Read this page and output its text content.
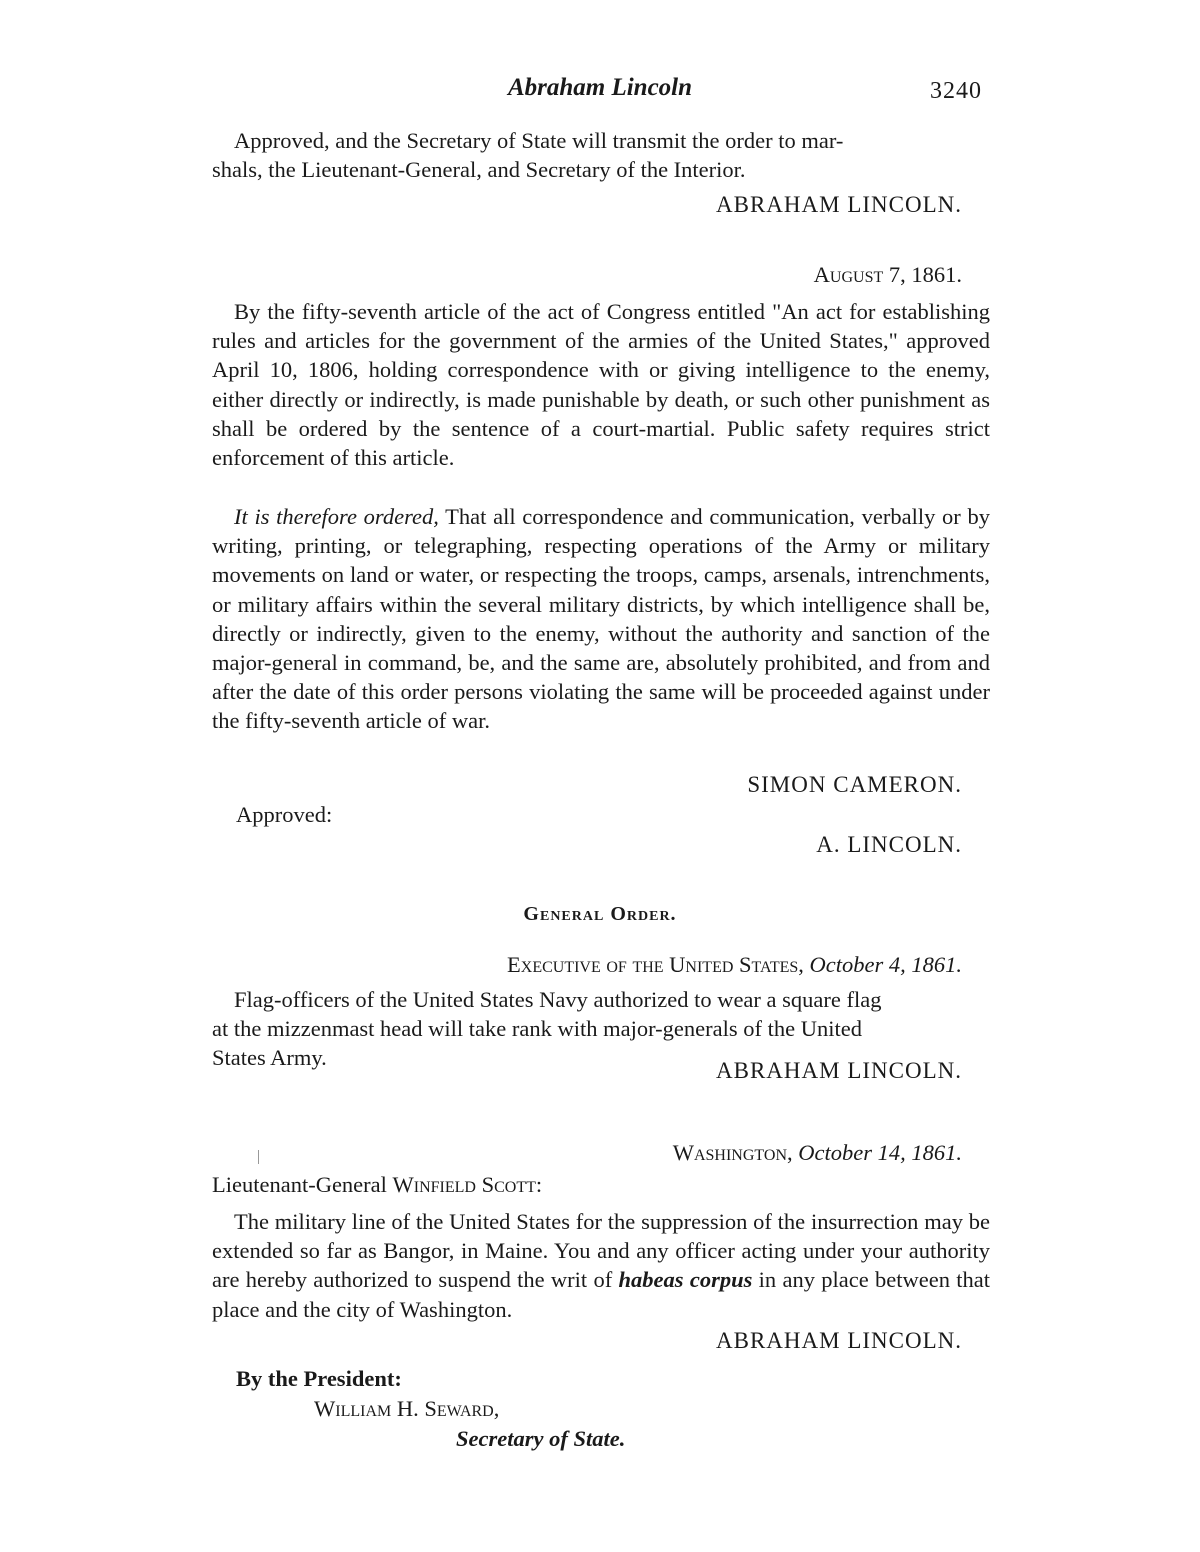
Abraham Lincoln	3240
Approved, and the Secretary of State will transmit the order to mar-
shals, the Lieutenant-General, and Secretary of the Interior.
ABRAHAM LINCOLN.
August 7, 1861.
By the fifty-seventh article of the act of Congress entitled "An act for establishing rules and articles for the government of the armies of the United States," approved April 10, 1806, holding correspondence with or giving intelligence to the enemy, either directly or indirectly, is made punishable by death, or such other punishment as shall be ordered by the sentence of a court-martial. Public safety requires strict enforcement of this article.
It is therefore ordered, That all correspondence and communication, verbally or by writing, printing, or telegraphing, respecting operations of the Army or military movements on land or water, or respecting the troops, camps, arsenals, intrenchments, or military affairs within the several military districts, by which intelligence shall be, directly or indirectly, given to the enemy, without the authority and sanction of the major-general in command, be, and the same are, absolutely prohibited, and from and after the date of this order persons violating the same will be proceeded against under the fifty-seventh article of war.
SIMON CAMERON.
Approved:
A. LINCOLN.
General Order.
Executive of the United States, October 4, 1861.
Flag-officers of the United States Navy authorized to wear a square flag
at the mizzenmast head will take rank with major-generals of the United
States Army.
ABRAHAM LINCOLN.
Washington, October 14, 1861.
Lieutenant-General Winfield Scott:
The military line of the United States for the suppression of the insurrection may be extended so far as Bangor, in Maine. You and any officer acting under your authority are hereby authorized to suspend the writ of habeas corpus in any place between that place and the city of Washington.
ABRAHAM LINCOLN.
By the President:
William H. Seward,
Secretary of State.
